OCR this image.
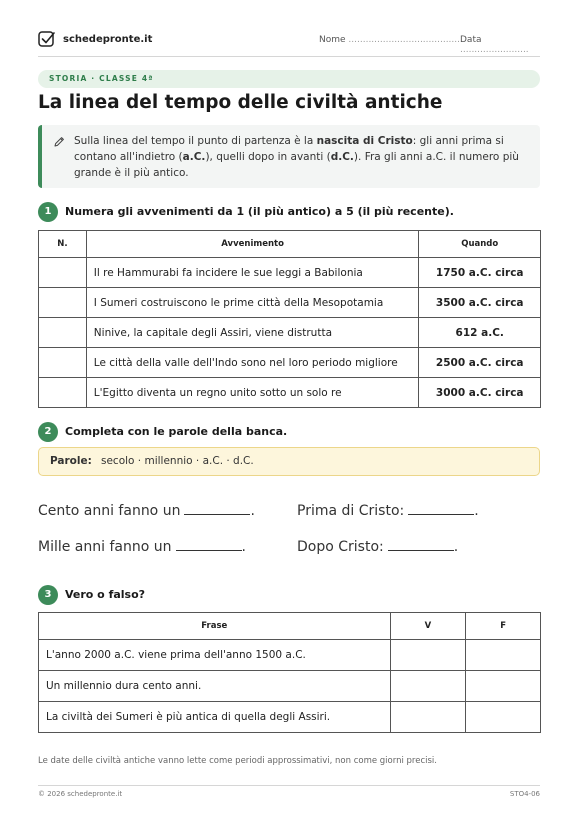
schedepronte.it	Nome ........................................
Data ........................
STORIA · CLASSE 4ª
La linea del tempo delle civiltà antiche
Sulla linea del tempo il punto di partenza è la nascita di Cristo: gli anni prima si contano all'indietro (a.C.), quelli dopo in avanti (d.C.). Fra gli anni a.C. il numero più grande è il più antico.
1	Numera gli avvenimenti da 1 (il più antico) a 5 (il più recente).
N.	Avvenimento	Quando
	Il re Hammurabi fa incidere le sue leggi a Babilonia	1750 a.C. circa
	I Sumeri costruiscono le prime città della Mesopotamia	3500 a.C. circa
	Ninive, la capitale degli Assiri, viene distrutta	612 a.C.
	Le città della valle dell'Indo sono nel loro periodo migliore	2500 a.C. circa
	L'Egitto diventa un regno unito sotto un solo re	3000 a.C. circa
2	Completa con le parole della banca.
Parole: secolo · millennio · a.C. · d.C.
Cento anni fanno un	.	Prima di Cristo:	.
Mille anni fanno un	.	Dopo Cristo:	.
3	Vero o falso?
Frase	V	F
L'anno 2000 a.C. viene prima dell'anno 1500 a.C.		
Un millennio dura cento anni.		
La civiltà dei Sumeri è più antica di quella degli Assiri.		
Le date delle civiltà antiche vanno lette come periodi approssimativi, non come giorni precisi.
© 2026 schedepronte.it	STO4-06
